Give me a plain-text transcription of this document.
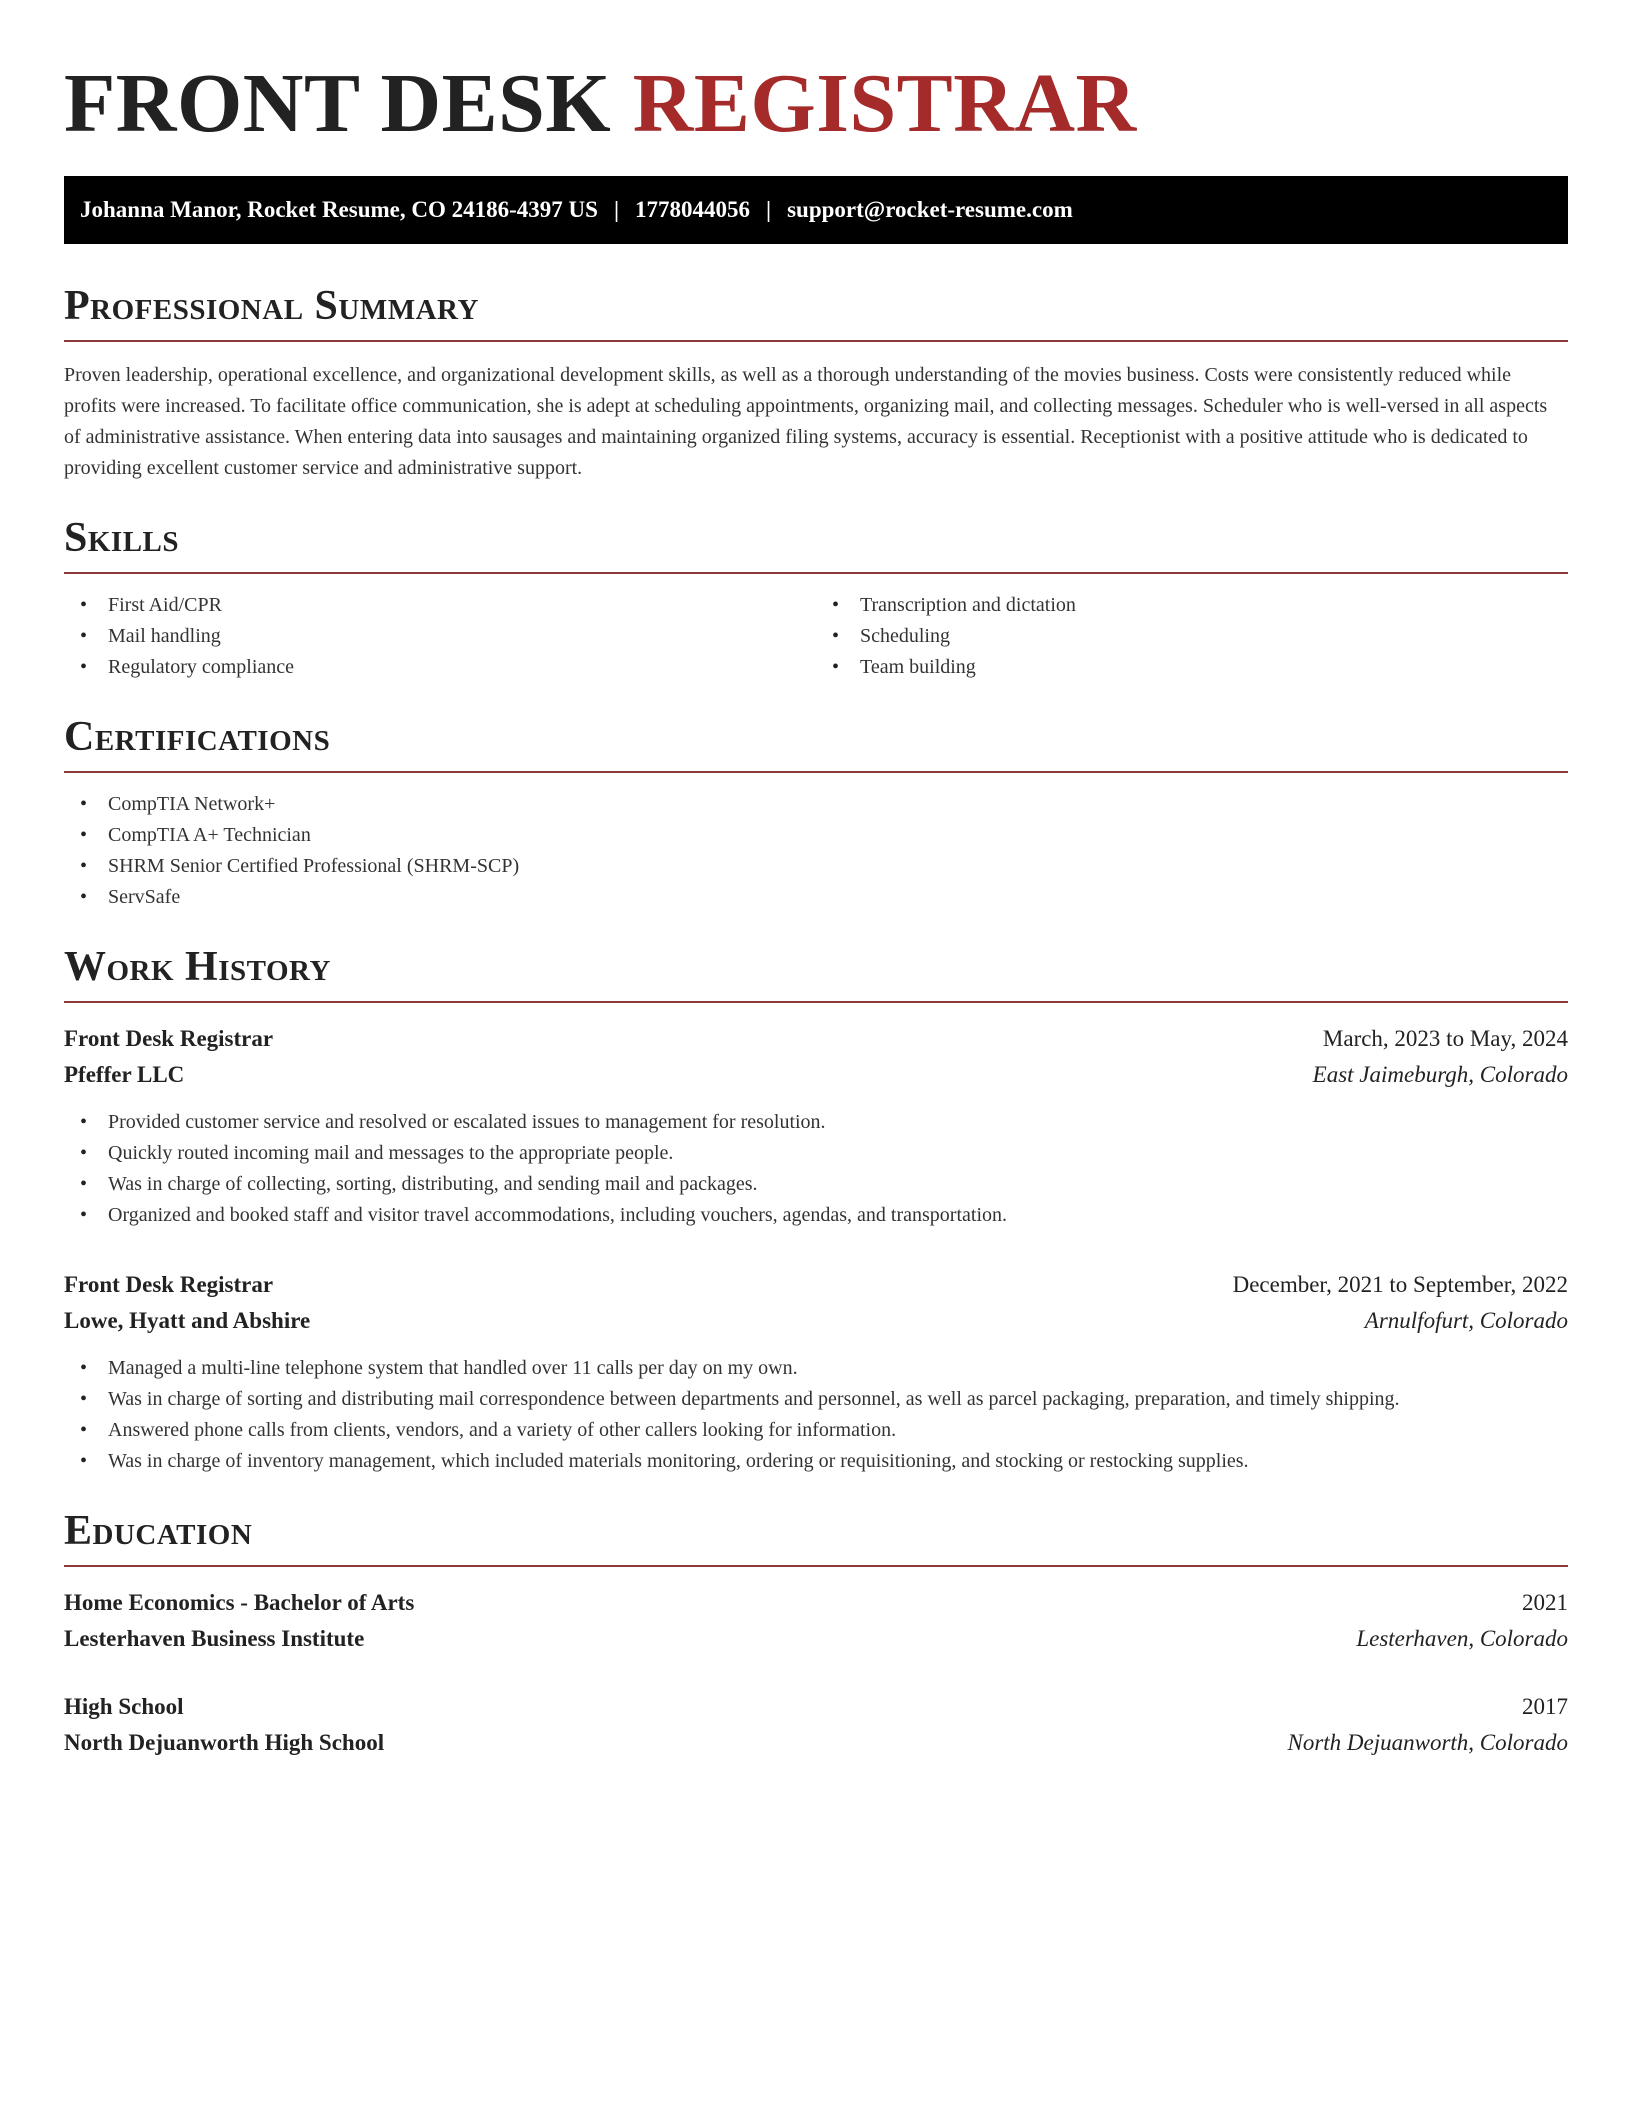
FRONT DESK REGISTRAR
Johanna Manor, Rocket Resume, CO 24186-4397 US | 1778044056 | support@rocket-resume.com
Professional Summary

Proven leadership, operational excellence, and organizational development skills, as well as a thorough understanding of the movies business. Costs were consistently reduced while profits were increased. To facilitate office communication, she is adept at scheduling appointments, organizing mail, and collecting messages. Scheduler who is well-versed in all aspects of administrative assistance. When entering data into sausages and maintaining organized filing systems, accuracy is essential. Receptionist with a positive attitude who is dedicated to providing excellent customer service and administrative support.

Skills
• First Aid/CPR
• Mail handling
• Regulatory compliance
• Transcription and dictation
• Scheduling
• Team building
Certifications
• CompTIA Network+
• CompTIA A+ Technician
• SHRM Senior Certified Professional (SHRM-SCP)
• ServSafe
Work History
Front Desk Registrar	March, 2023 to May, 2024
Pfeffer LLC	East Jaimeburgh, Colorado
• Provided customer service and resolved or escalated issues to management for resolution.
• Quickly routed incoming mail and messages to the appropriate people.
• Was in charge of collecting, sorting, distributing, and sending mail and packages.
• Organized and booked staff and visitor travel accommodations, including vouchers, agendas, and transportation.
Front Desk Registrar	December, 2021 to September, 2022
Lowe, Hyatt and Abshire	Arnulfofurt, Colorado
• Managed a multi-line telephone system that handled over 11 calls per day on my own.
• Was in charge of sorting and distributing mail correspondence between departments and personnel, as well as parcel packaging, preparation, and timely shipping.
• Answered phone calls from clients, vendors, and a variety of other callers looking for information.
• Was in charge of inventory management, which included materials monitoring, ordering or requisitioning, and stocking or restocking supplies.
Education
Home Economics - Bachelor of Arts	2021
Lesterhaven Business Institute	Lesterhaven, Colorado
High School	2017
North Dejuanworth High School	North Dejuanworth, Colorado
